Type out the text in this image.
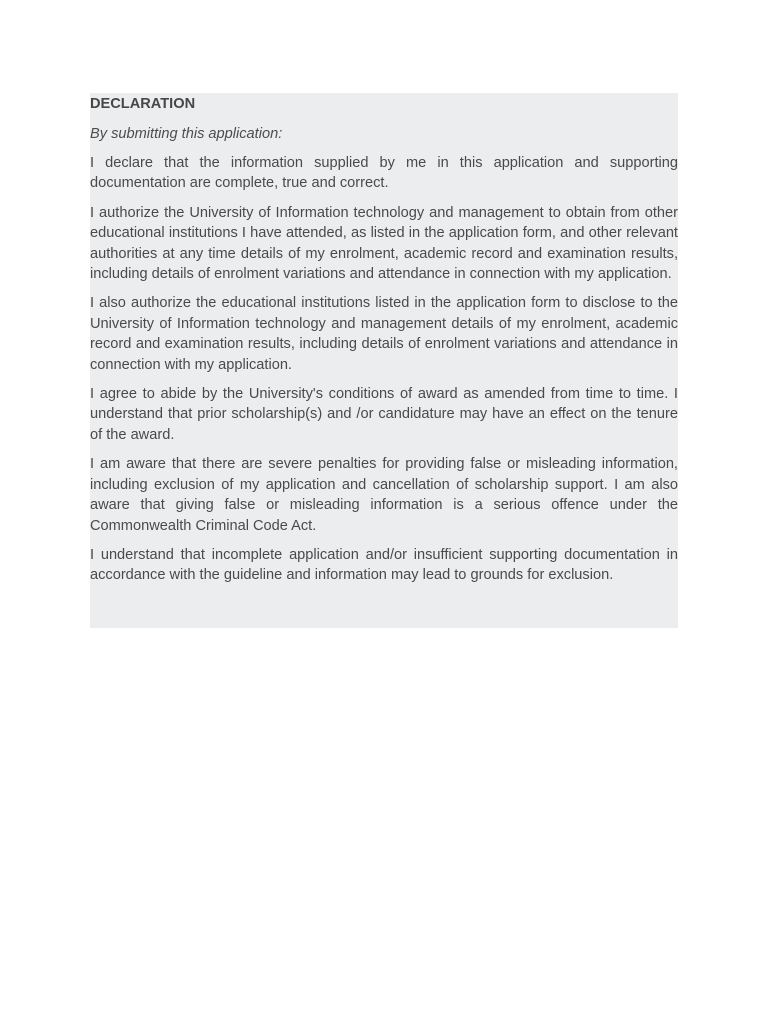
DECLARATION

By submitting this application:

I declare that the information supplied by me in this application and supporting documentation are complete, true and correct.

I authorize the University of Information technology and management to obtain from other educational institutions I have attended, as listed in the application form, and other relevant authorities at any time details of my enrolment, academic record and examination results, including details of enrolment variations and attendance in connection with my application.

I also authorize the educational institutions listed in the application form to disclose to the University of Information technology and management details of my enrolment, academic record and examination results, including details of enrolment variations and attendance in connection with my application.

I agree to abide by the University's conditions of award as amended from time to time. I understand that prior scholarship(s) and /or candidature may have an effect on the tenure of the award.

I am aware that there are severe penalties for providing false or misleading information, including exclusion of my application and cancellation of scholarship support. I am also aware that giving false or misleading information is a serious offence under the Commonwealth Criminal Code Act.

I understand that incomplete application and/or insufficient supporting documentation in accordance with the guideline and information may lead to grounds for exclusion.
